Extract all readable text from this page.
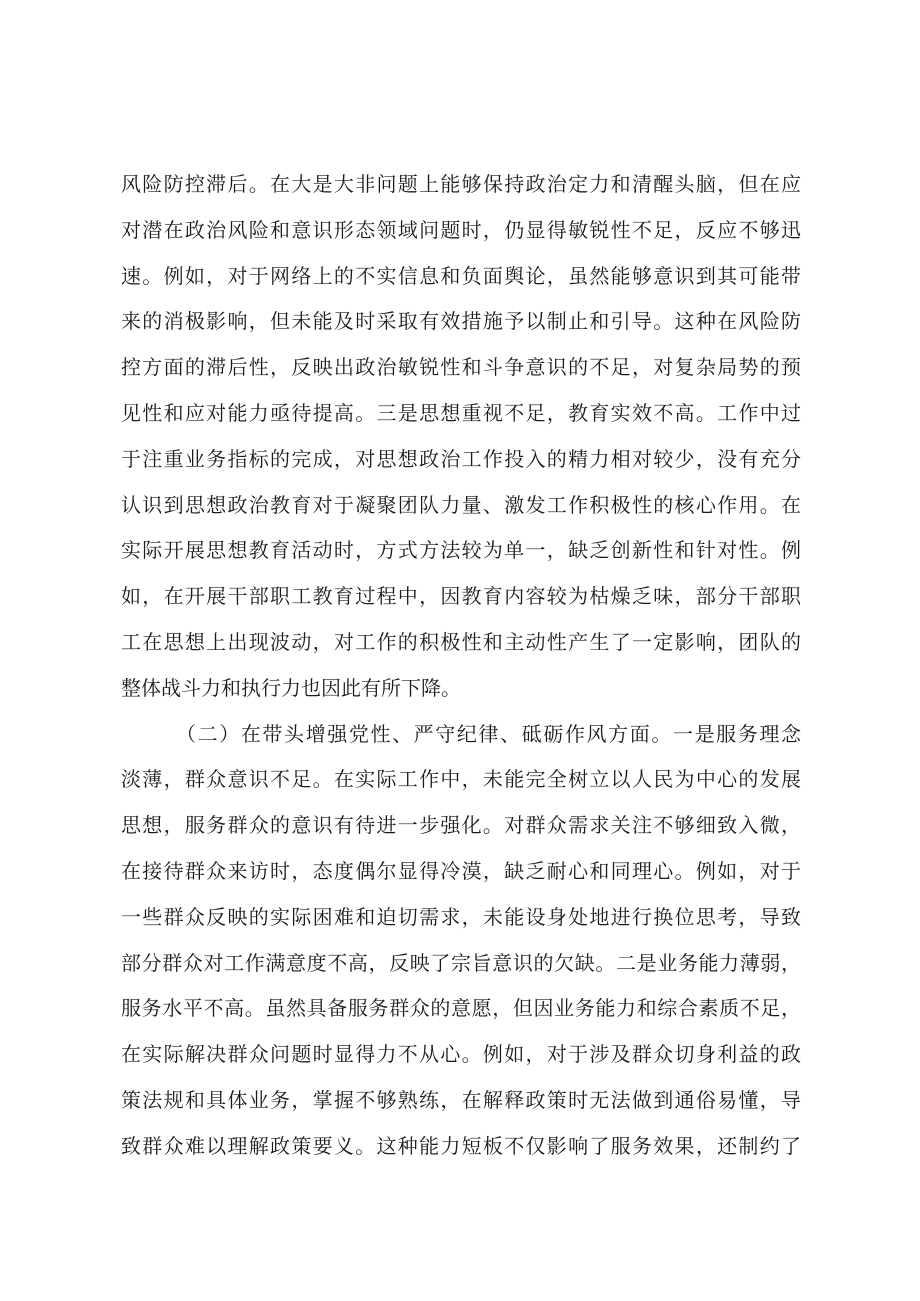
风险防控滞后。在大是大非问题上能够保持政治定力和清醒头脑，但在应
对潜在政治风险和意识形态领域问题时，仍显得敏锐性不足，反应不够迅
速。例如，对于网络上的不实信息和负面舆论，虽然能够意识到其可能带
来的消极影响，但未能及时采取有效措施予以制止和引导。这种在风险防
控方面的滞后性，反映出政治敏锐性和斗争意识的不足，对复杂局势的预
见性和应对能力亟待提高。三是思想重视不足，教育实效不高。工作中过
于注重业务指标的完成，对思想政治工作投入的精力相对较少，没有充分
认识到思想政治教育对于凝聚团队力量、激发工作积极性的核心作用。在
实际开展思想教育活动时，方式方法较为单一，缺乏创新性和针对性。例
如，在开展干部职工教育过程中，因教育内容较为枯燥乏味，部分干部职
工在思想上出现波动，对工作的积极性和主动性产生了一定影响，团队的
整体战斗力和执行力也因此有所下降。
（二）在带头增强党性、严守纪律、砥砺作风方面。一是服务理念
淡薄，群众意识不足。在实际工作中，未能完全树立以人民为中心的发展
思想，服务群众的意识有待进一步强化。对群众需求关注不够细致入微，
在接待群众来访时，态度偶尔显得冷漠，缺乏耐心和同理心。例如，对于
一些群众反映的实际困难和迫切需求，未能设身处地进行换位思考，导致
部分群众对工作满意度不高，反映了宗旨意识的欠缺。二是业务能力薄弱，
服务水平不高。虽然具备服务群众的意愿，但因业务能力和综合素质不足，
在实际解决群众问题时显得力不从心。例如，对于涉及群众切身利益的政
策法规和具体业务，掌握不够熟练，在解释政策时无法做到通俗易懂，导
致群众难以理解政策要义。这种能力短板不仅影响了服务效果，还制约了
